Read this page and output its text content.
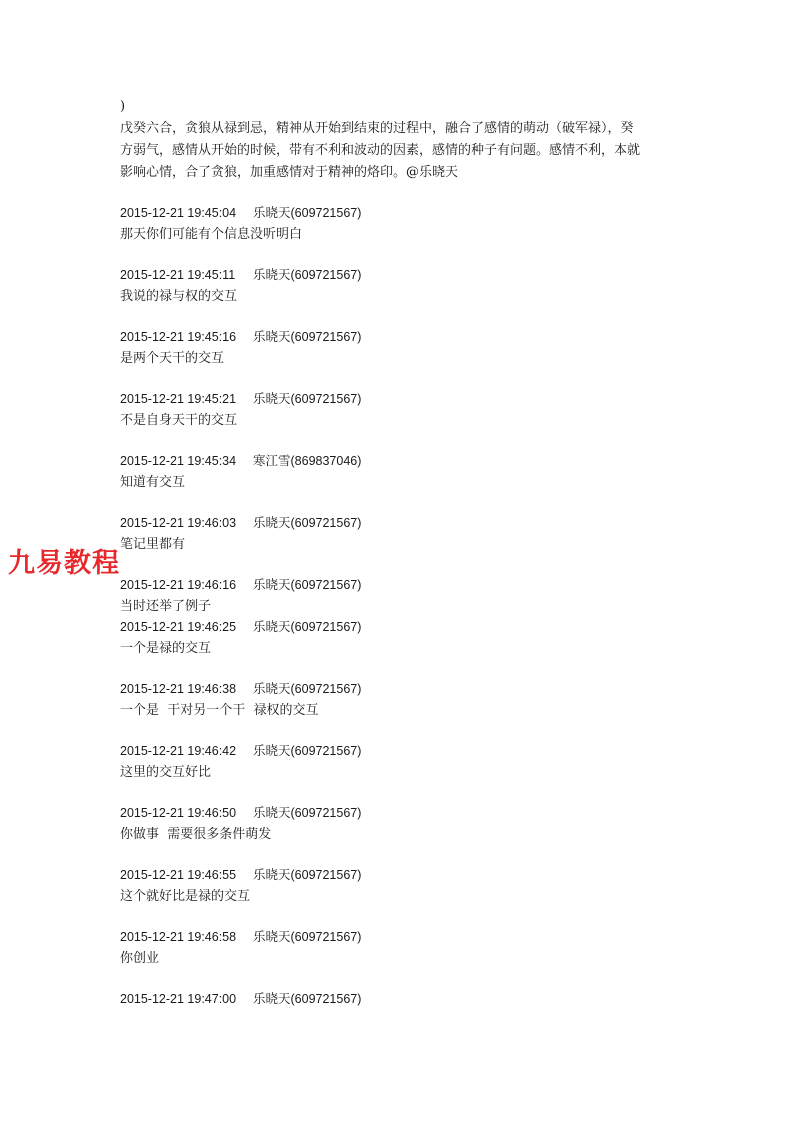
)

戊癸六合，贪狼从禄到忌，精神从开始到结束的过程中，融合了感情的萌动（破军禄），癸

方弱气，感情从开始的时候，带有不利和波动的因素，感情的种子有问题。感情不利，本就

影响心情，合了贪狼，加重感情对于精神的烙印。@乐晓天

2015-12-21 19:45:04 乐晓天(609721567)

那天你们可能有个信息没听明白

2015-12-21 19:45:11 乐晓天(609721567)

我说的禄与权的交互

2015-12-21 19:45:16 乐晓天(609721567)

是两个天干的交互

2015-12-21 19:45:21 乐晓天(609721567)

不是自身天干的交互

2015-12-21 19:45:34 寒江雪(869837046)

知道有交互

2015-12-21 19:46:03 乐晓天(609721567)

笔记里都有

2015-12-21 19:46:16 乐晓天(609721567)

当时还举了例子

2015-12-21 19:46:25 乐晓天(609721567)

一个是禄的交互

2015-12-21 19:46:38 乐晓天(609721567)

一个是  干对另一个干  禄权的交互

2015-12-21 19:46:42 乐晓天(609721567)

这里的交互好比

2015-12-21 19:46:50 乐晓天(609721567)

你做事  需要很多条件萌发

2015-12-21 19:46:55 乐晓天(609721567)

这个就好比是禄的交互

2015-12-21 19:46:58 乐晓天(609721567)

你创业

2015-12-21 19:47:00 乐晓天(609721567)
九易教程
